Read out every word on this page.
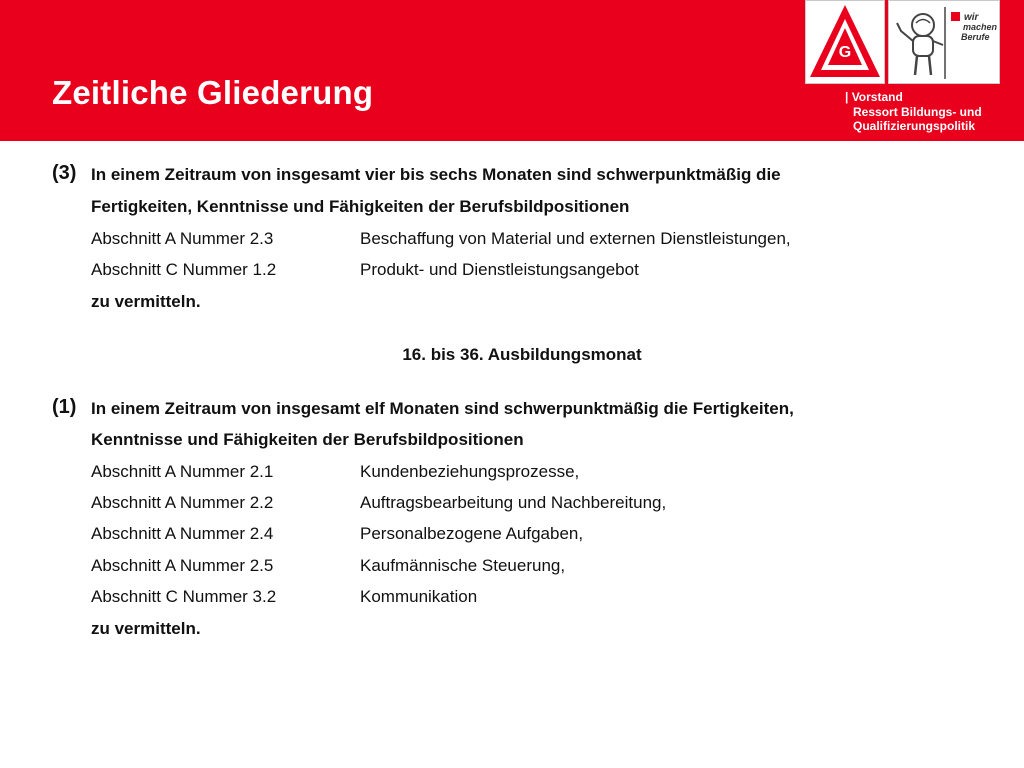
Zeitliche Gliederung	| Vorstand
Ressort Bildungs- und
Qualifizierungspolitik
G
wir
machen
Berufe
(3) In einem Zeitraum von insgesamt vier bis sechs Monaten sind schwerpunktmäßig die
Fertigkeiten, Kenntnisse und Fähigkeiten der Berufsbildpositionen
Abschnitt A Nummer 2.3	Beschaffung von Material und externen Dienstleistungen,
Abschnitt C Nummer 1.2	Produkt- und Dienstleistungsangebot
zu vermitteln.
16. bis 36. Ausbildungsmonat
(1) In einem Zeitraum von insgesamt elf Monaten sind schwerpunktmäßig die Fertigkeiten,
Kenntnisse und Fähigkeiten der Berufsbildpositionen
Abschnitt A Nummer 2.1	Kundenbeziehungsprozesse,
Abschnitt A Nummer 2.2	Auftragsbearbeitung und Nachbereitung,
Abschnitt A Nummer 2.4	Personalbezogene Aufgaben,
Abschnitt A Nummer 2.5	Kaufmännische Steuerung,
Abschnitt C Nummer 3.2	Kommunikation
zu vermitteln.
